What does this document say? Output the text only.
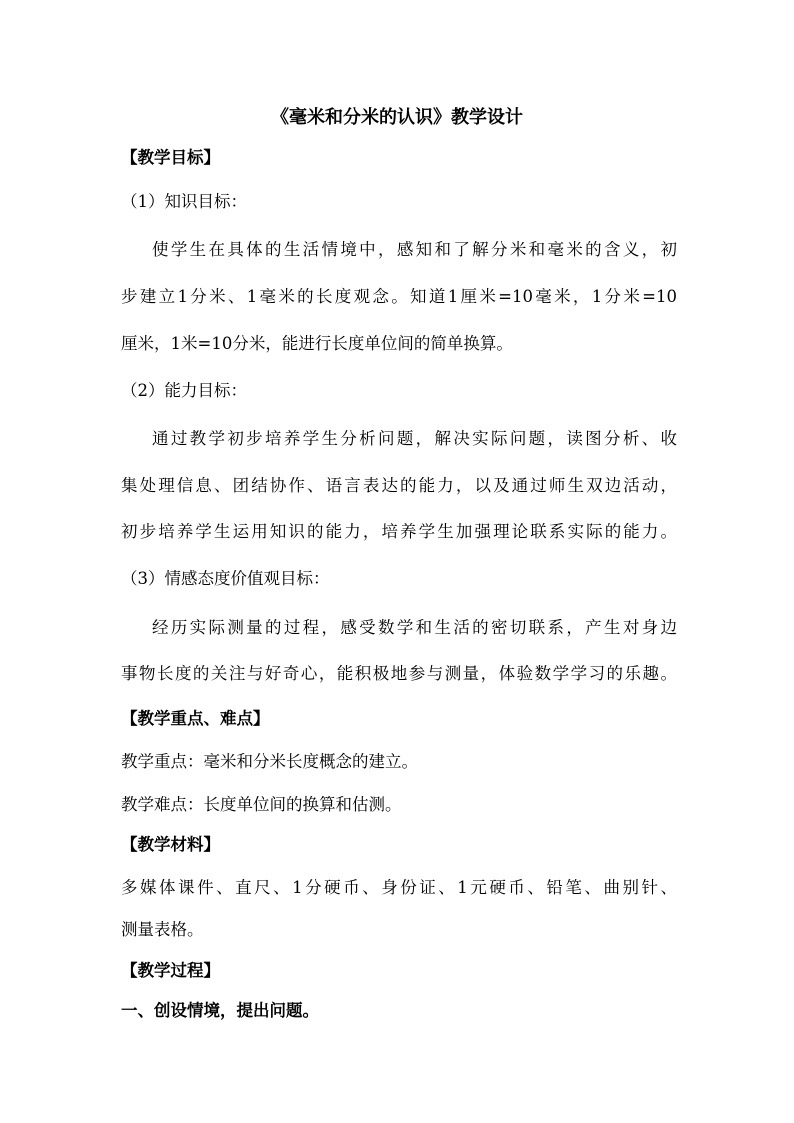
《毫米和分米的认识》教学设计
【教学目标】
（1）知识目标：
使学生在具体的生活情境中，感知和了解分米和毫米的含义，初
步建立1分米、1毫米的长度观念。知道1厘米=10毫米，1分米=10
厘米，1米=10分米，能进行长度单位间的简单换算。
（2）能力目标：
通过教学初步培养学生分析问题，解决实际问题，读图分析、收
集处理信息、团结协作、语言表达的能力，以及通过师生双边活动，
初步培养学生运用知识的能力，培养学生加强理论联系实际的能力。
（3）情感态度价值观目标：
经历实际测量的过程，感受数学和生活的密切联系，产生对身边
事物长度的关注与好奇心，能积极地参与测量，体验数学学习的乐趣。
【教学重点、难点】
教学重点：毫米和分米长度概念的建立。
教学难点：长度单位间的换算和估测。
【教学材料】
多媒体课件、直尺、1分硬币、身份证、1元硬币、铅笔、曲别针、
测量表格。
【教学过程】
一、创设情境，提出问题。
